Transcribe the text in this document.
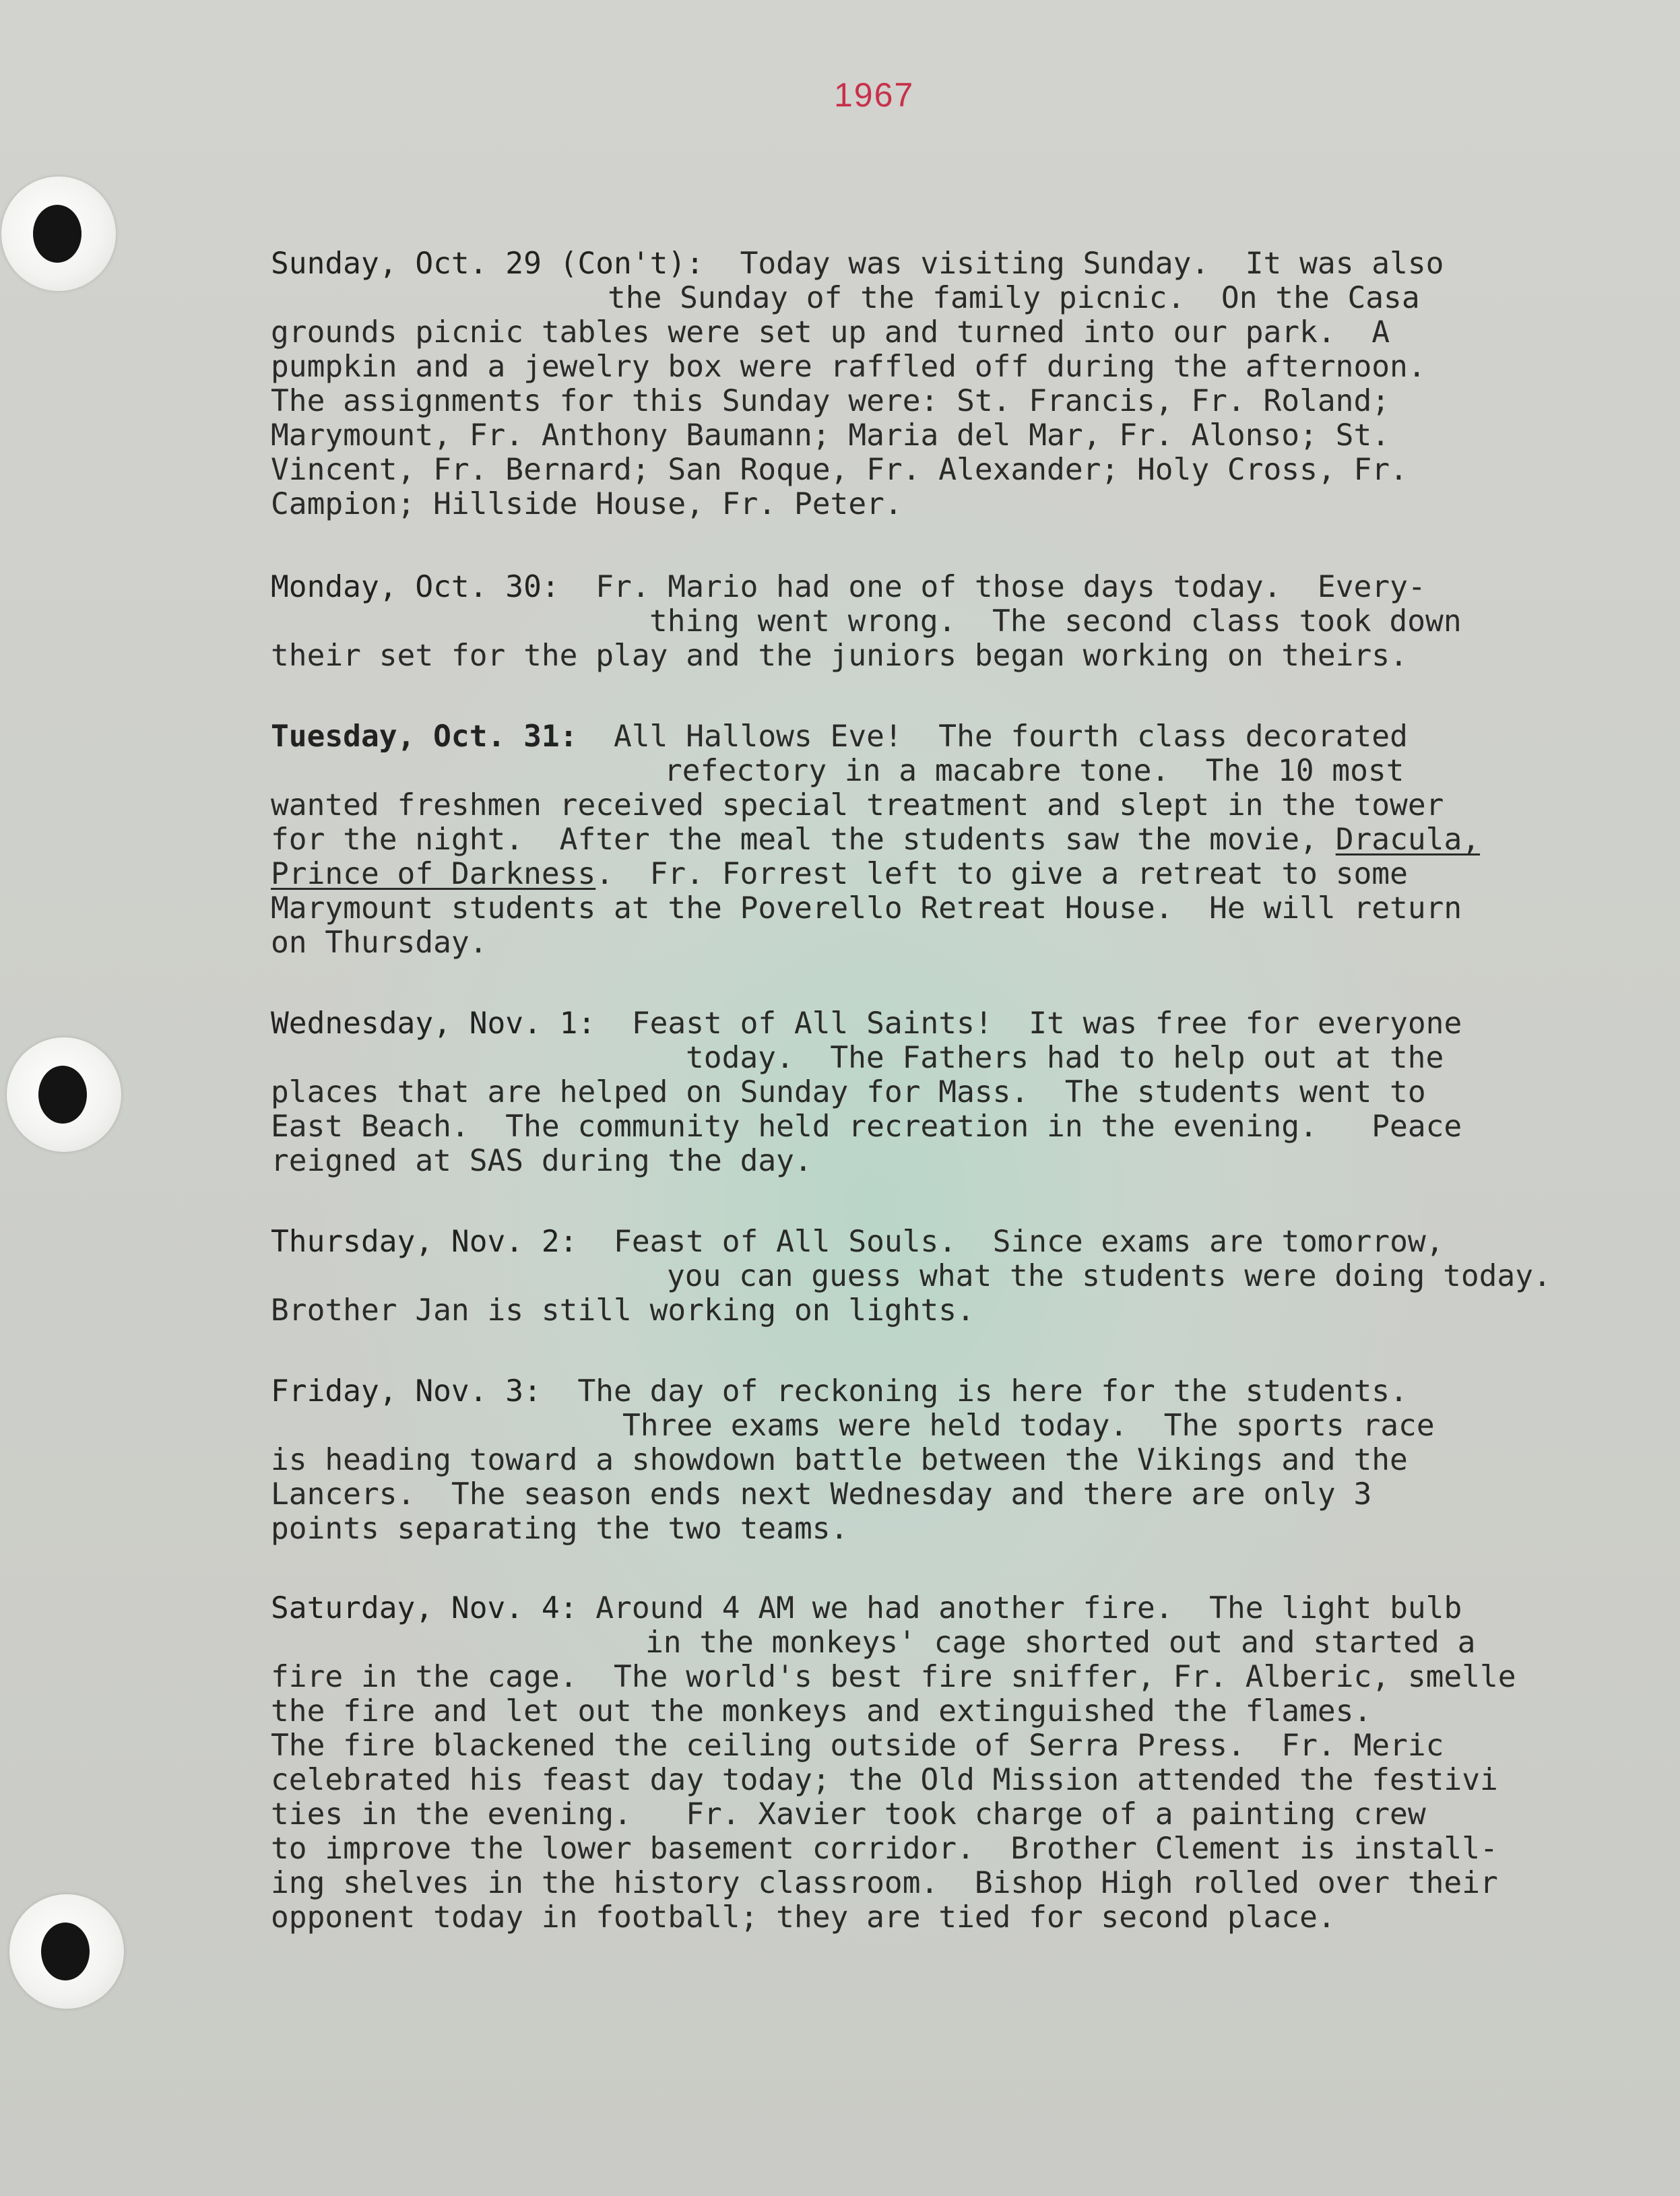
1967
Sunday, Oct. 29 (Con't): Today was visiting Sunday.  It was also
the Sunday of the family picnic.  On the Casa
grounds picnic tables were set up and turned into our park.  A
pumpkin and a jewelry box were raffled off during the afternoon.
The assignments for this Sunday were: St. Francis, Fr. Roland;
Marymount, Fr. Anthony Baumann; Maria del Mar, Fr. Alonso; St.
Vincent, Fr. Bernard; San Roque, Fr. Alexander; Holy Cross, Fr.
Campion; Hillside House, Fr. Peter.
Monday, Oct. 30: Fr. Mario had one of those days today.  Every-
thing went wrong.  The second class took down
their set for the play and the juniors began working on theirs.
Tuesday, Oct. 31: All Hallows Eve!  The fourth class decorated
refectory in a macabre tone.  The 10 most
wanted freshmen received special treatment and slept in the tower
for the night.  After the meal the students saw the movie, Dracula,
Prince of Darkness.  Fr. Forrest left to give a retreat to some
Marymount students at the Poverello Retreat House.  He will return
on Thursday.
Wednesday, Nov. 1: Feast of All Saints!  It was free for everyone
today.  The Fathers had to help out at the
places that are helped on Sunday for Mass.  The students went to
East Beach.  The community held recreation in the evening.   Peace
reigned at SAS during the day.
Thursday, Nov. 2: Feast of All Souls.  Since exams are tomorrow,
you can guess what the students were doing today.
Brother Jan is still working on lights.
Friday, Nov. 3: The day of reckoning is here for the students.
Three exams were held today.  The sports race
is heading toward a showdown battle between the Vikings and the
Lancers.  The season ends next Wednesday and there are only 3
points separating the two teams.
Saturday, Nov. 4: Around 4 AM we had another fire.  The light bulb
in the monkeys' cage shorted out and started a
fire in the cage.  The world's best fire sniffer, Fr. Alberic, smelle
the fire and let out the monkeys and extinguished the flames.
The fire blackened the ceiling outside of Serra Press.  Fr. Meric
celebrated his feast day today; the Old Mission attended the festivi
ties in the evening.   Fr. Xavier took charge of a painting crew
to improve the lower basement corridor.  Brother Clement is install-
ing shelves in the history classroom.  Bishop High rolled over their
opponent today in football; they are tied for second place.
